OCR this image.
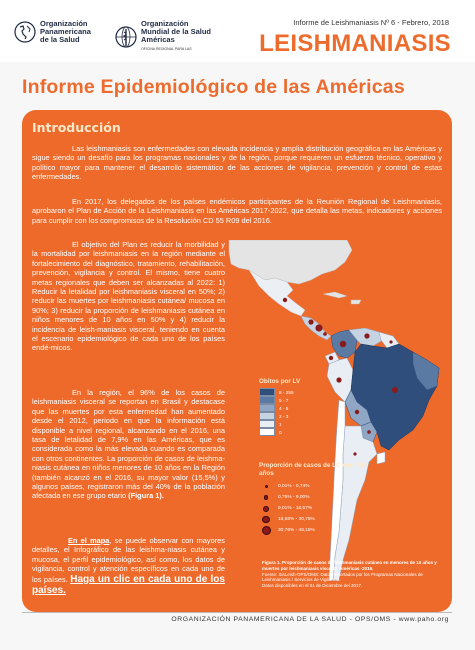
Organización
Panamericana
de la Salud
Organización
Mundial de la Salud
Américas
OFICINA REGIONAL PARA LAS
Informe de Leishmaniasis Nº 6 - Febrero, 2018
LEISHMANIASIS
Informe Epidemiológico de las Américas
Introducción

Las leishmaniasis son enfermedades con elevada incidencia y amplia distribución geográfica en las Américas y sigue siendo un desafío para los programas nacionales y de la región, porque requieren un esfuerzo técnico, operativo y político mayor para mantener el desarrollo sistemático de las acciones de vigilancia, prevención y control de estas enfermedades.

En 2017, los delegados de los países endémicos participantes de la Reunión Regional de Leishmaniasis, aprobaron el Plan de Acción de la Leishmaniasis en las Américas 2017-2022, que detalla las metas, indicadores y acciones para cumplir con los compromisos de la Resolución CD 55 R09 del 2016.

El objetivo del Plan es reducir la morbilidad y la mortalidad por leishmaniasis en la región mediante el fortalecimiento del diagnóstico, tratamiento, rehabilitación, prevención, vigilancia y control. El mismo, tiene cuatro metas regionales que deben ser alcanzadas al 2022: 1) Reducir la letalidad por leishmaniasis visceral en 50%; 2) reducir las muertes por leishmaniasis cutánea/ mucosa en 90%; 3) reducir la proporción de leishmaniasis cutánea en niños menores de 10 años en 50% y 4) reducir la incidencia de leish-maniasis visceral, teniendo en cuenta el escenario epidemiológico de cada uno de los países endé-micos.

En la región, el 96% de los casos de leishmaniasis visceral se reportan en Brasil y destacase que las muertes por esta enfermedad han aumentado desde el 2012, periodo en que la información está disponible a nivel regional, alcanzando en el 2016, una tasa de letalidad de 7,9% en las Américas, que es considerada como la más elevada cuando es comparada con otros continentes. La proporción de casos de leishma-niasis cutánea en niños menores de 10 años en la Región (también alcanzó en el 2016, su mayor valor (15,5%) y algunos países, registraron más del 40% de la población afectada en ese grupo etario (Figura 1).

En el mapa, se puede observar con mayores detalles, el Infográfico de las leishma-niasis cutánea y mucosa, el perfil epidemiológico, así como, los datos de vigilancia, control y atención específicos en cada uno de los países. Haga un clic en cada uno de los países.

Obitos por LV
8 - 255
5 - 7
4 - 5
2 - 3
1
0
Proporción de casos de LC em < 10 años
0,01% - 0,74%
0,75% - 9,00%
9,01% - 18,57%
18,58% - 30,75%
30,76% - 46,15%
Figura 1. Proporción de casos de leishmaniasis cutánea en menores de 10 años y muertes por leishmaniasis visceral. Américas -2016.
Fuente: SisLeish-OPS/OMS: Datos reportados por los Programas Nacionales de Leishmaniasis / Servicios de Vigilancia.
Datos disponibles en el 01 de Diciembre del 2017.
ORGANIZACIÓN PANAMERICANA DE LA SALUD - OPS/OMS - www.paho.org
